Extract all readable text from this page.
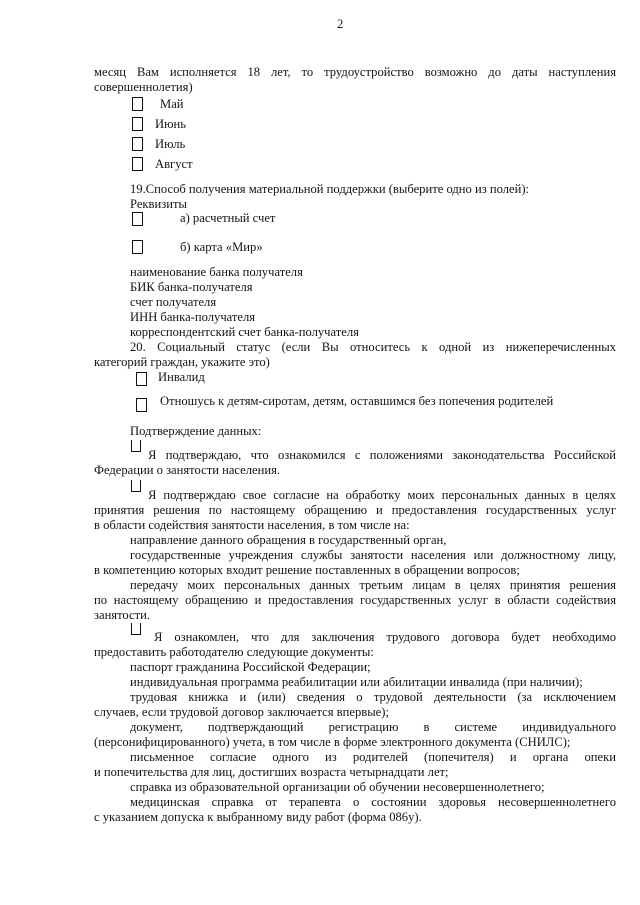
2
месяц Вам исполняется 18 лет, то трудоустройство возможно до даты наступления
совершеннолетия)
Май
Июнь
Июль
Август
19.Способ получения материальной поддержки (выберите одно из полей):
Реквизиты
а) расчетный счет
б) карта «Мир»
наименование банка получателя
БИК банка-получателя
счет получателя
ИНН банка-получателя
корреспондентский счет банка-получателя
20. Социальный статус (если Вы относитесь к одной из нижеперечисленных
категорий граждан, укажите это)
Инвалид
Отношусь к детям-сиротам, детям, оставшимся без попечения родителей
Подтверждение данных:
Я подтверждаю, что ознакомился с положениями законодательства Российской
Федерации о занятости населения.
Я подтверждаю свое согласие на обработку моих персональных данных в целях
принятия решения по настоящему обращению и предоставления государственных услуг
в области содействия занятости населения, в том числе на:
направление данного обращения в государственный орган,
государственные учреждения службы занятости населения или должностному лицу,
в компетенцию которых входит решение поставленных в обращении вопросов;
передачу моих персональных данных третьим лицам в целях принятия решения
по настоящему обращению и предоставления государственных услуг в области содействия
занятости.
Я ознакомлен, что для заключения трудового договора будет необходимо
предоставить работодателю следующие документы:
паспорт гражданина Российской Федерации;
индивидуальная программа реабилитации или абилитации инвалида (при наличии);
трудовая книжка и (или) сведения о трудовой деятельности (за исключением
случаев, если трудовой договор заключается впервые);
документ, подтверждающий регистрацию в системе индивидуального
(персонифицированного) учета, в том числе в форме электронного документа (СНИЛС);
письменное согласие одного из родителей (попечителя) и органа опеки
и попечительства для лиц, достигших возраста четырнадцати лет;
справка из образовательной организации об обучении несовершеннолетнего;
медицинская справка от терапевта о состоянии здоровья несовершеннолетнего
с указанием допуска к выбранному виду работ (форма 086у).
